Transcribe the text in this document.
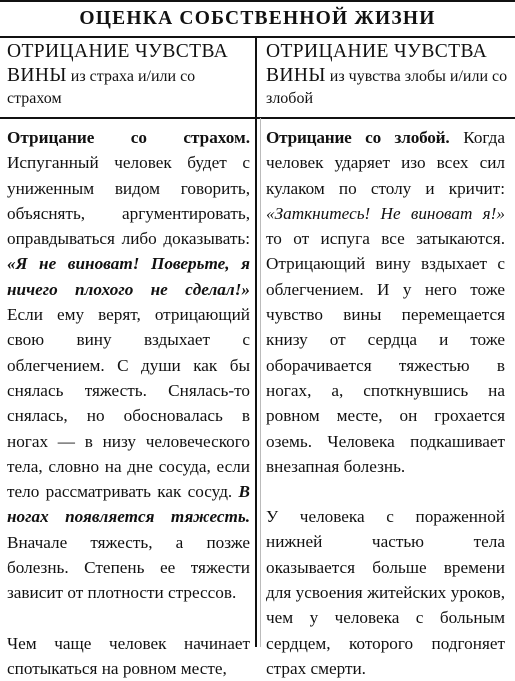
ОЦЕНКА СОБСТВЕННОЙ ЖИЗНИ
ОТРИЦАНИЕ ЧУВСТВА ВИНЫ из страха и/или со страхом
ОТРИЦАНИЕ ЧУВСТВА ВИНЫ из чувства злобы и/или со злобой

Отрицание со страхом. Испуганный человек будет с униженным видом говорить, объяснять, аргументировать, оправдываться либо доказывать: «Я не виноват! Поверьте, я ничего плохого не сделал!» Если ему верят, отрицающий свою вину вздыхает с облегчением. С души как бы снялась тяжесть. Снялась-то снялась, но обосновалась в ногах — в низу человеческого тела, словно на дне сосуда, если тело рассматривать как сосуд. В ногах появляется тяжесть. Вначале тяжесть, а позже болезнь. Степень ее тяжести зависит от плотности стрессов.

Чем чаще человек начинает спотыкаться на ровном месте,

Отрицание со злобой. Когда человек ударяет изо всех сил кулаком по столу и кричит: «Заткнитесь! Не виноват я!» то от испуга все затыкаются. Отрицающий вину вздыхает с облегчением. И у него тоже чувство вины перемещается книзу от сердца и тоже оборачивается тяжестью в ногах, а, споткнувшись на ровном месте, он грохается оземь. Человека подкашивает внезапная болезнь.

У человека с пораженной нижней частью тела оказывается больше времени для усвоения житейских уроков, чем у человека с больным сердцем, которого подгоняет страх смерти.
